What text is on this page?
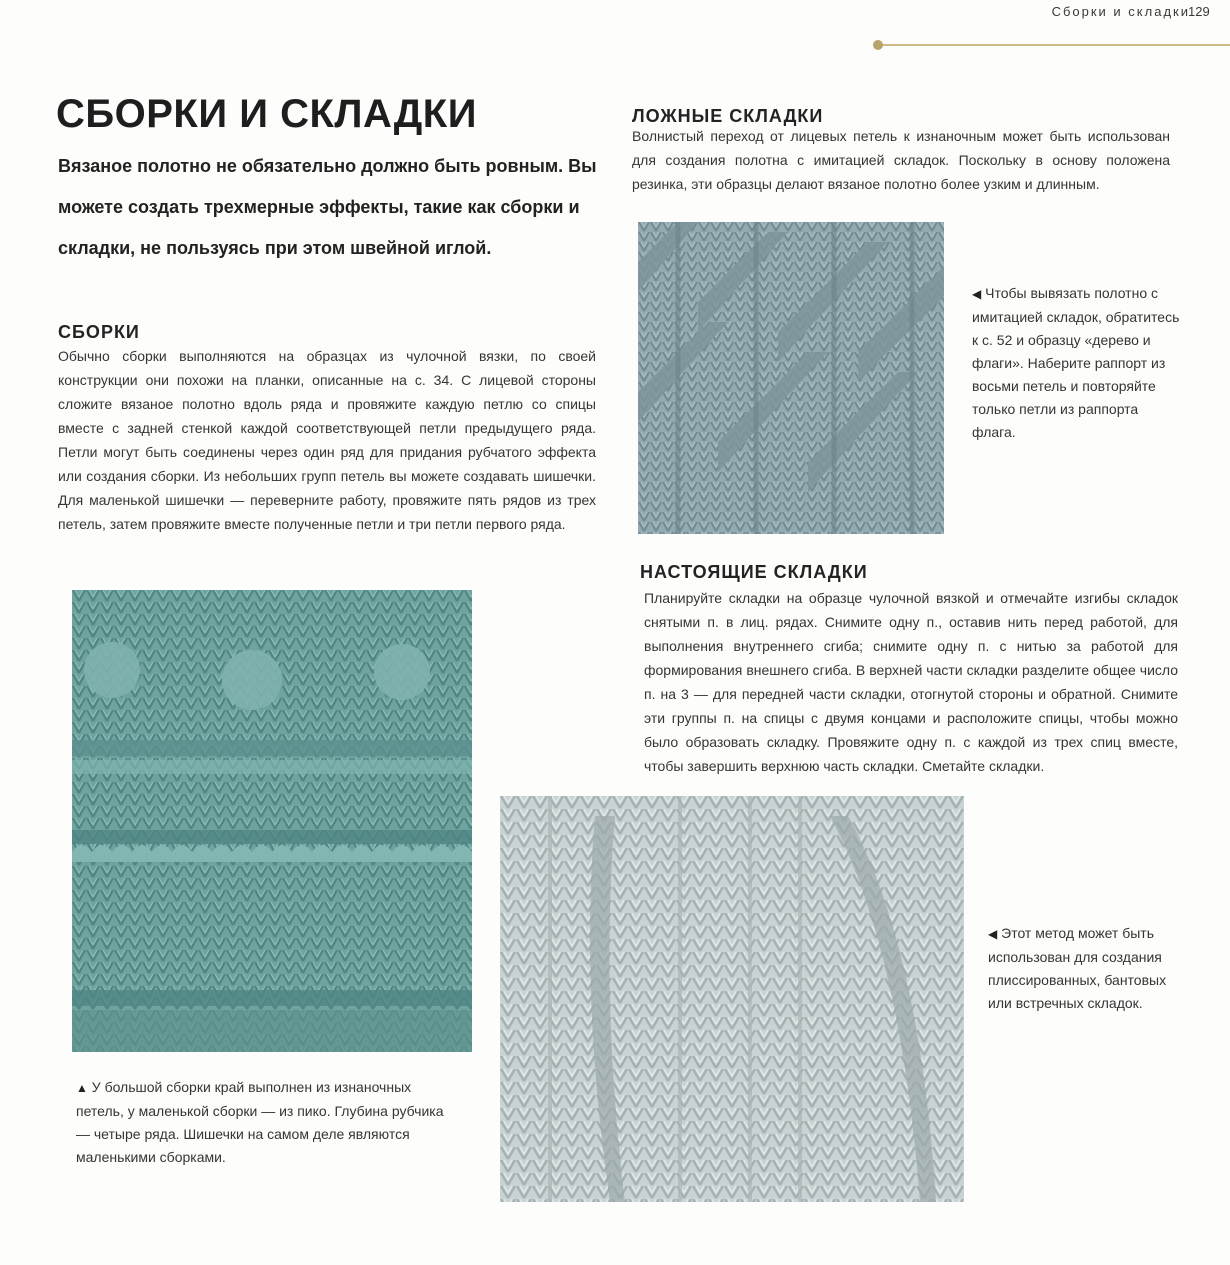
Сборки и складки
129
СБОРКИ И СКЛАДКИ
Вязаное полотно не обязательно должно быть ровным. Вы можете создать трехмерные эффекты, такие как сборки и складки, не пользуясь при этом швейной иглой.
СБОРКИ
Обычно сборки выполняются на образцах из чулочной вязки, по своей конструкции они похожи на планки, описанные на с. 34. С лицевой стороны сложите вязаное полотно вдоль ряда и провяжите каждую петлю со спицы вместе с задней стенкой каждой соответствующей петли предыдущего ряда. Петли могут быть соединены через один ряд для придания рубчатого эффекта или создания сборки. Из небольших групп петель вы можете создавать шишечки. Для маленькой шишечки — переверните работу, провяжите пять рядов из трех петель, затем провяжите вместе полученные петли и три петли первого ряда.
▲ У большой сборки край выполнен из изнаночных петель, у маленькой сборки — из пико. Глубина рубчика — четыре ряда. Шишечки на самом деле являются маленькими сборками.
ЛОЖНЫЕ СКЛАДКИ
Волнистый переход от лицевых петель к изнаночным может быть использован для создания полотна с имитацией складок. Поскольку в основу положена резинка, эти образцы делают вязаное полотно более узким и длинным.
◀ Чтобы вывязать полотно с имитацией складок, обратитесь к с. 52 и образцу «дерево и флаги». Наберите раппорт из восьми петель и повторяйте только петли из раппорта флага.
НАСТОЯЩИЕ СКЛАДКИ
Планируйте складки на образце чулочной вязкой и отмечайте изгибы складок снятыми п. в лиц. рядах. Снимите одну п., оставив нить перед работой, для выполнения внутреннего сгиба; снимите одну п. с нитью за работой для формирования внешнего сгиба. В верхней части складки разделите общее число п. на 3 — для передней части складки, отогнутой стороны и обратной. Снимите эти группы п. на спицы с двумя концами и расположите спицы, чтобы можно было образовать складку. Провяжите одну п. с каждой из трех спиц вместе, чтобы завершить верхнюю часть складки. Сметайте складки.
◀ Этот метод может быть использован для создания плиссированных, бантовых или встречных складок.
